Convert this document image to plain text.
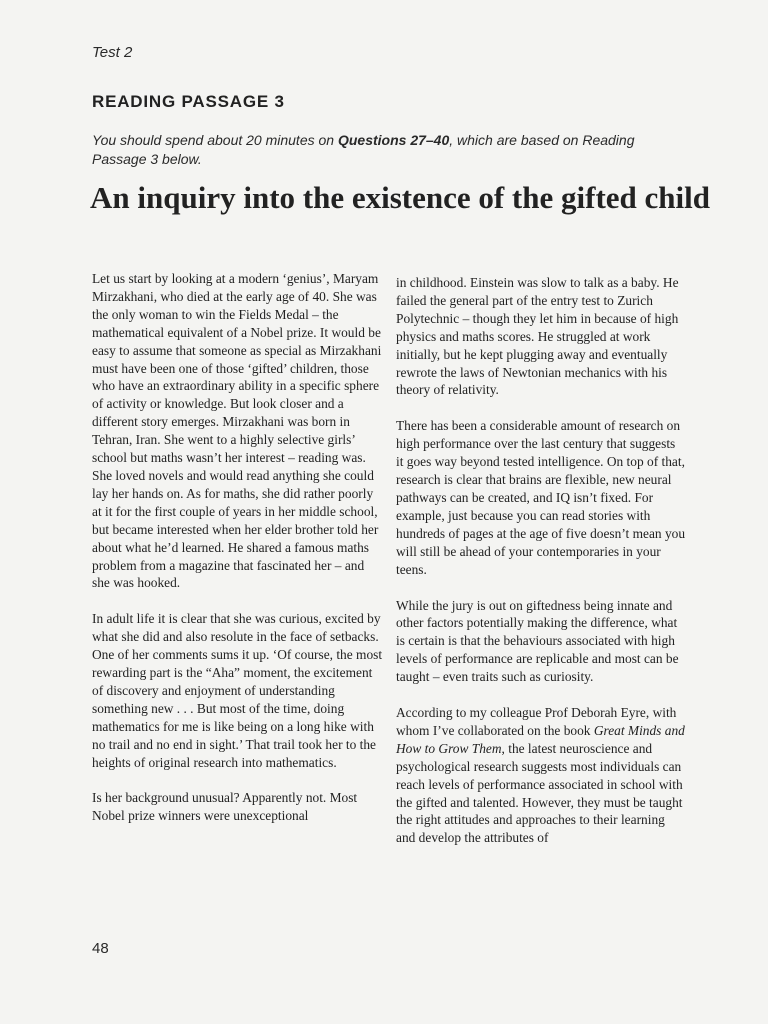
Test 2
READING PASSAGE 3
You should spend about 20 minutes on Questions 27–40, which are based on Reading Passage 3 below.
An inquiry into the existence of the gifted child

Let us start by looking at a modern ‘genius’, Maryam Mirzakhani, who died at the early age of 40. She was the only woman to win the Fields Medal – the mathematical equivalent of a Nobel prize. It would be easy to assume that someone as special as Mirzakhani must have been one of those ‘gifted’ children, those who have an extraordinary ability in a specific sphere of activity or knowledge. But look closer and a different story emerges. Mirzakhani was born in Tehran, Iran. She went to a highly selective girls’ school but maths wasn’t her interest – reading was. She loved novels and would read anything she could lay her hands on. As for maths, she did rather poorly at it for the first couple of years in her middle school, but became interested when her elder brother told her about what he’d learned. He shared a famous maths problem from a magazine that fascinated her – and she was hooked.

In adult life it is clear that she was curious, excited by what she did and also resolute in the face of setbacks. One of her comments sums it up. ‘Of course, the most rewarding part is the “Aha” moment, the excitement of discovery and enjoyment of understanding something new . . . But most of the time, doing mathematics for me is like being on a long hike with no trail and no end in sight.’ That trail took her to the heights of original research into mathematics.

Is her background unusual? Apparently not. Most Nobel prize winners were unexceptional

in childhood. Einstein was slow to talk as a baby. He failed the general part of the entry test to Zurich Polytechnic – though they let him in because of high physics and maths scores. He struggled at work initially, but he kept plugging away and eventually rewrote the laws of Newtonian mechanics with his theory of relativity.

There has been a considerable amount of research on high performance over the last century that suggests it goes way beyond tested intelligence. On top of that, research is clear that brains are flexible, new neural pathways can be created, and IQ isn’t fixed. For example, just because you can read stories with hundreds of pages at the age of five doesn’t mean you will still be ahead of your contemporaries in your teens.

While the jury is out on giftedness being innate and other factors potentially making the difference, what is certain is that the behaviours associated with high levels of performance are replicable and most can be taught – even traits such as curiosity.

According to my colleague Prof Deborah Eyre, with whom I’ve collaborated on the book Great Minds and How to Grow Them, the latest neuroscience and psychological research suggests most individuals can reach levels of performance associated in school with the gifted and talented. However, they must be taught the right attitudes and approaches to their learning and develop the attributes of

48
